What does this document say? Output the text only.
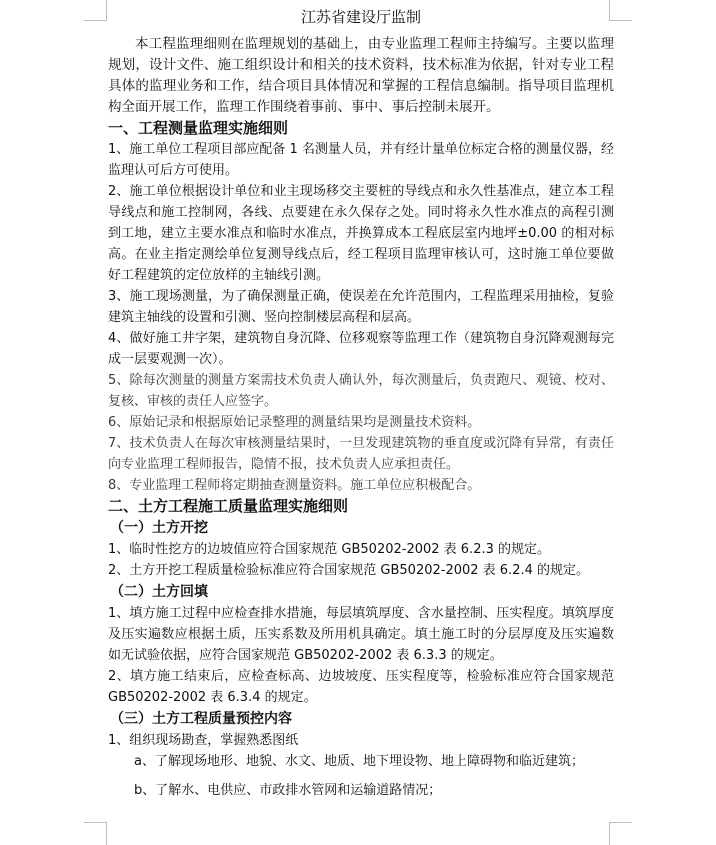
江苏省建设厅监制

本工程监理细则在监理规划的基础上，由专业监理工程师主持编写。主要以监理规划，设计文件、施工组织设计和相关的技术资料，技术标准为依据，针对专业工程具体的监理业务和工作，结合项目具体情况和掌握的工程信息编制。指导项目监理机构全面开展工作，监理工作围绕着事前、事中、事后控制未展开。

一、工程测量监理实施细则

1、施工单位工程项目部应配备 1 名测量人员，并有经计量单位标定合格的测量仪器，经监理认可后方可使用。

2、施工单位根据设计单位和业主现场移交主要桩的导线点和永久性基准点，建立本工程导线点和施工控制网，各线、点要建在永久保存之处。同时将永久性水准点的高程引测到工地，建立主要水准点和临时水准点，并换算成本工程底层室内地坪±0.00 的相对标高。在业主指定测绘单位复测导线点后，经工程项目监理审核认可，这时施工单位要做好工程建筑的定位放样的主轴线引测。

3、施工现场测量，为了确保测量正确，使误差在允许范围内，工程监理采用抽检，复验建筑主轴线的设置和引测、竖向控制楼层高程和层高。

4、做好施工井字架，建筑物自身沉降、位移观察等监理工作（建筑物自身沉降观测每完成一层要观测一次）。

5、除每次测量的测量方案需技术负责人确认外，每次测量后，负责跑尺、观镜、校对、复核、审核的责任人应签字。

6、原始记录和根据原始记录整理的测量结果均是测量技术资料。

7、技术负责人在每次审核测量结果时，一旦发现建筑物的垂直度或沉降有异常，有责任向专业监理工程师报告，隐情不报，技术负责人应承担责任。

8、专业监理工程师将定期抽查测量资料。施工单位应积极配合。

二、土方工程施工质量监理实施细则
（一）土方开挖

1、临时性挖方的边坡值应符合国家规范 GB50202-2002 表 6.2.3 的规定。

2、土方开挖工程质量检验标准应符合国家规范 GB50202-2002 表 6.2.4 的规定。

（二）土方回填

1、填方施工过程中应检查排水措施，每层填筑厚度、含水量控制、压实程度。填筑厚度及压实遍数应根据土质，压实系数及所用机具确定。填土施工时的分层厚度及压实遍数如无试验依据，应符合国家规范 GB50202-2002 表 6.3.3 的规定。

2、填方施工结束后，应检查标高、边坡坡度、压实程度等，检验标准应符合国家规范 GB50202-2002 表 6.3.4 的规定。

（三）土方工程质量预控内容

1、组织现场勘查，掌握熟悉图纸

a、了解现场地形、地貌、水文、地质、地下埋设物、地上障碍物和临近建筑；

b、了解水、电供应、市政排水管网和运输道路情况；
